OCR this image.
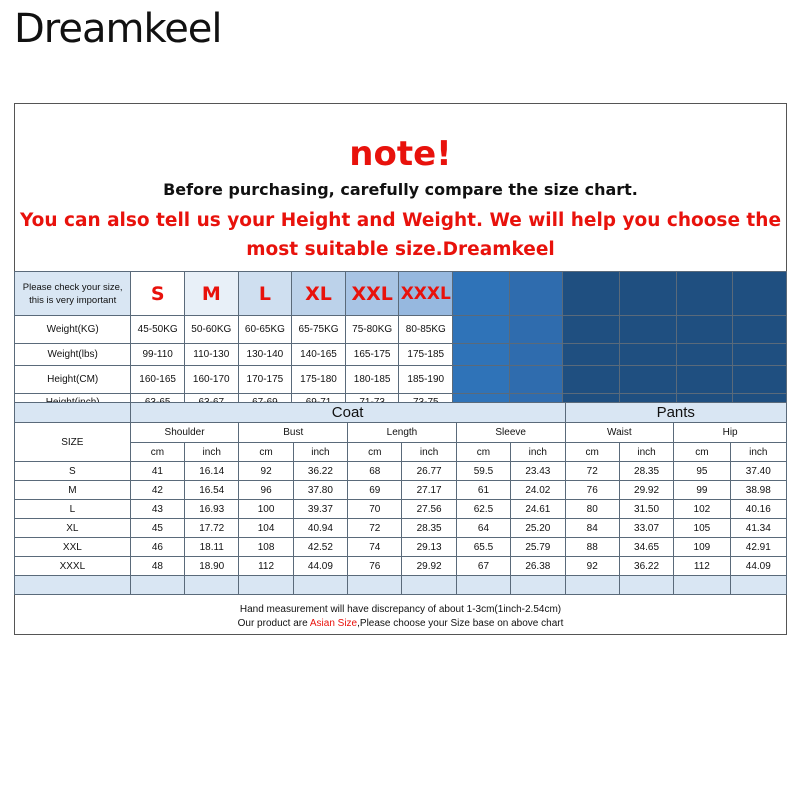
Dreamkeel
note!
Before purchasing, carefully compare the size chart.
You can also tell us your Height and Weight. We will help you choose the
most suitable size.Dreamkeel
Please check your size, this is very important	S	M	L	XL	XXL	XXXL						
Weight(KG)	45-50KG	50-60KG	60-65KG	65-75KG	75-80KG	80-85KG						
Weight(lbs)	99-110	110-130	130-140	140-165	165-175	175-185						
Height(CM)	160-165	160-170	170-175	175-180	180-185	185-190						

	Coat								Pants			
SIZE	Shoulder		Bust		Length		Sleeve		Waist		Hip	
	cm	inch	cm	inch	cm	inch	cm	inch	cm	inch	cm	inch
S	41	16.14	92	36.22	68	26.77	59.5	23.43	72	28.35	95	37.40
M	42	16.54	96	37.80	69	27.17	61	24.02	76	29.92	99	38.98
L	43	16.93	100	39.37	70	27.56	62.5	24.61	80	31.50	102	40.16
XL	45	17.72	104	40.94	72	28.35	64	25.20	84	33.07	105	41.34
XXL	46	18.11	108	42.52	74	29.13	65.5	25.79	88	34.65	109	42.91
XXXL	48	18.90	112	44.09	76	29.92	67	26.38	92	36.22	112	44.09

Hand measurement will have discrepancy of about 1-3cm(1inch-2.54cm)
Our product are Asian Size,Please choose your Size base on above chart
